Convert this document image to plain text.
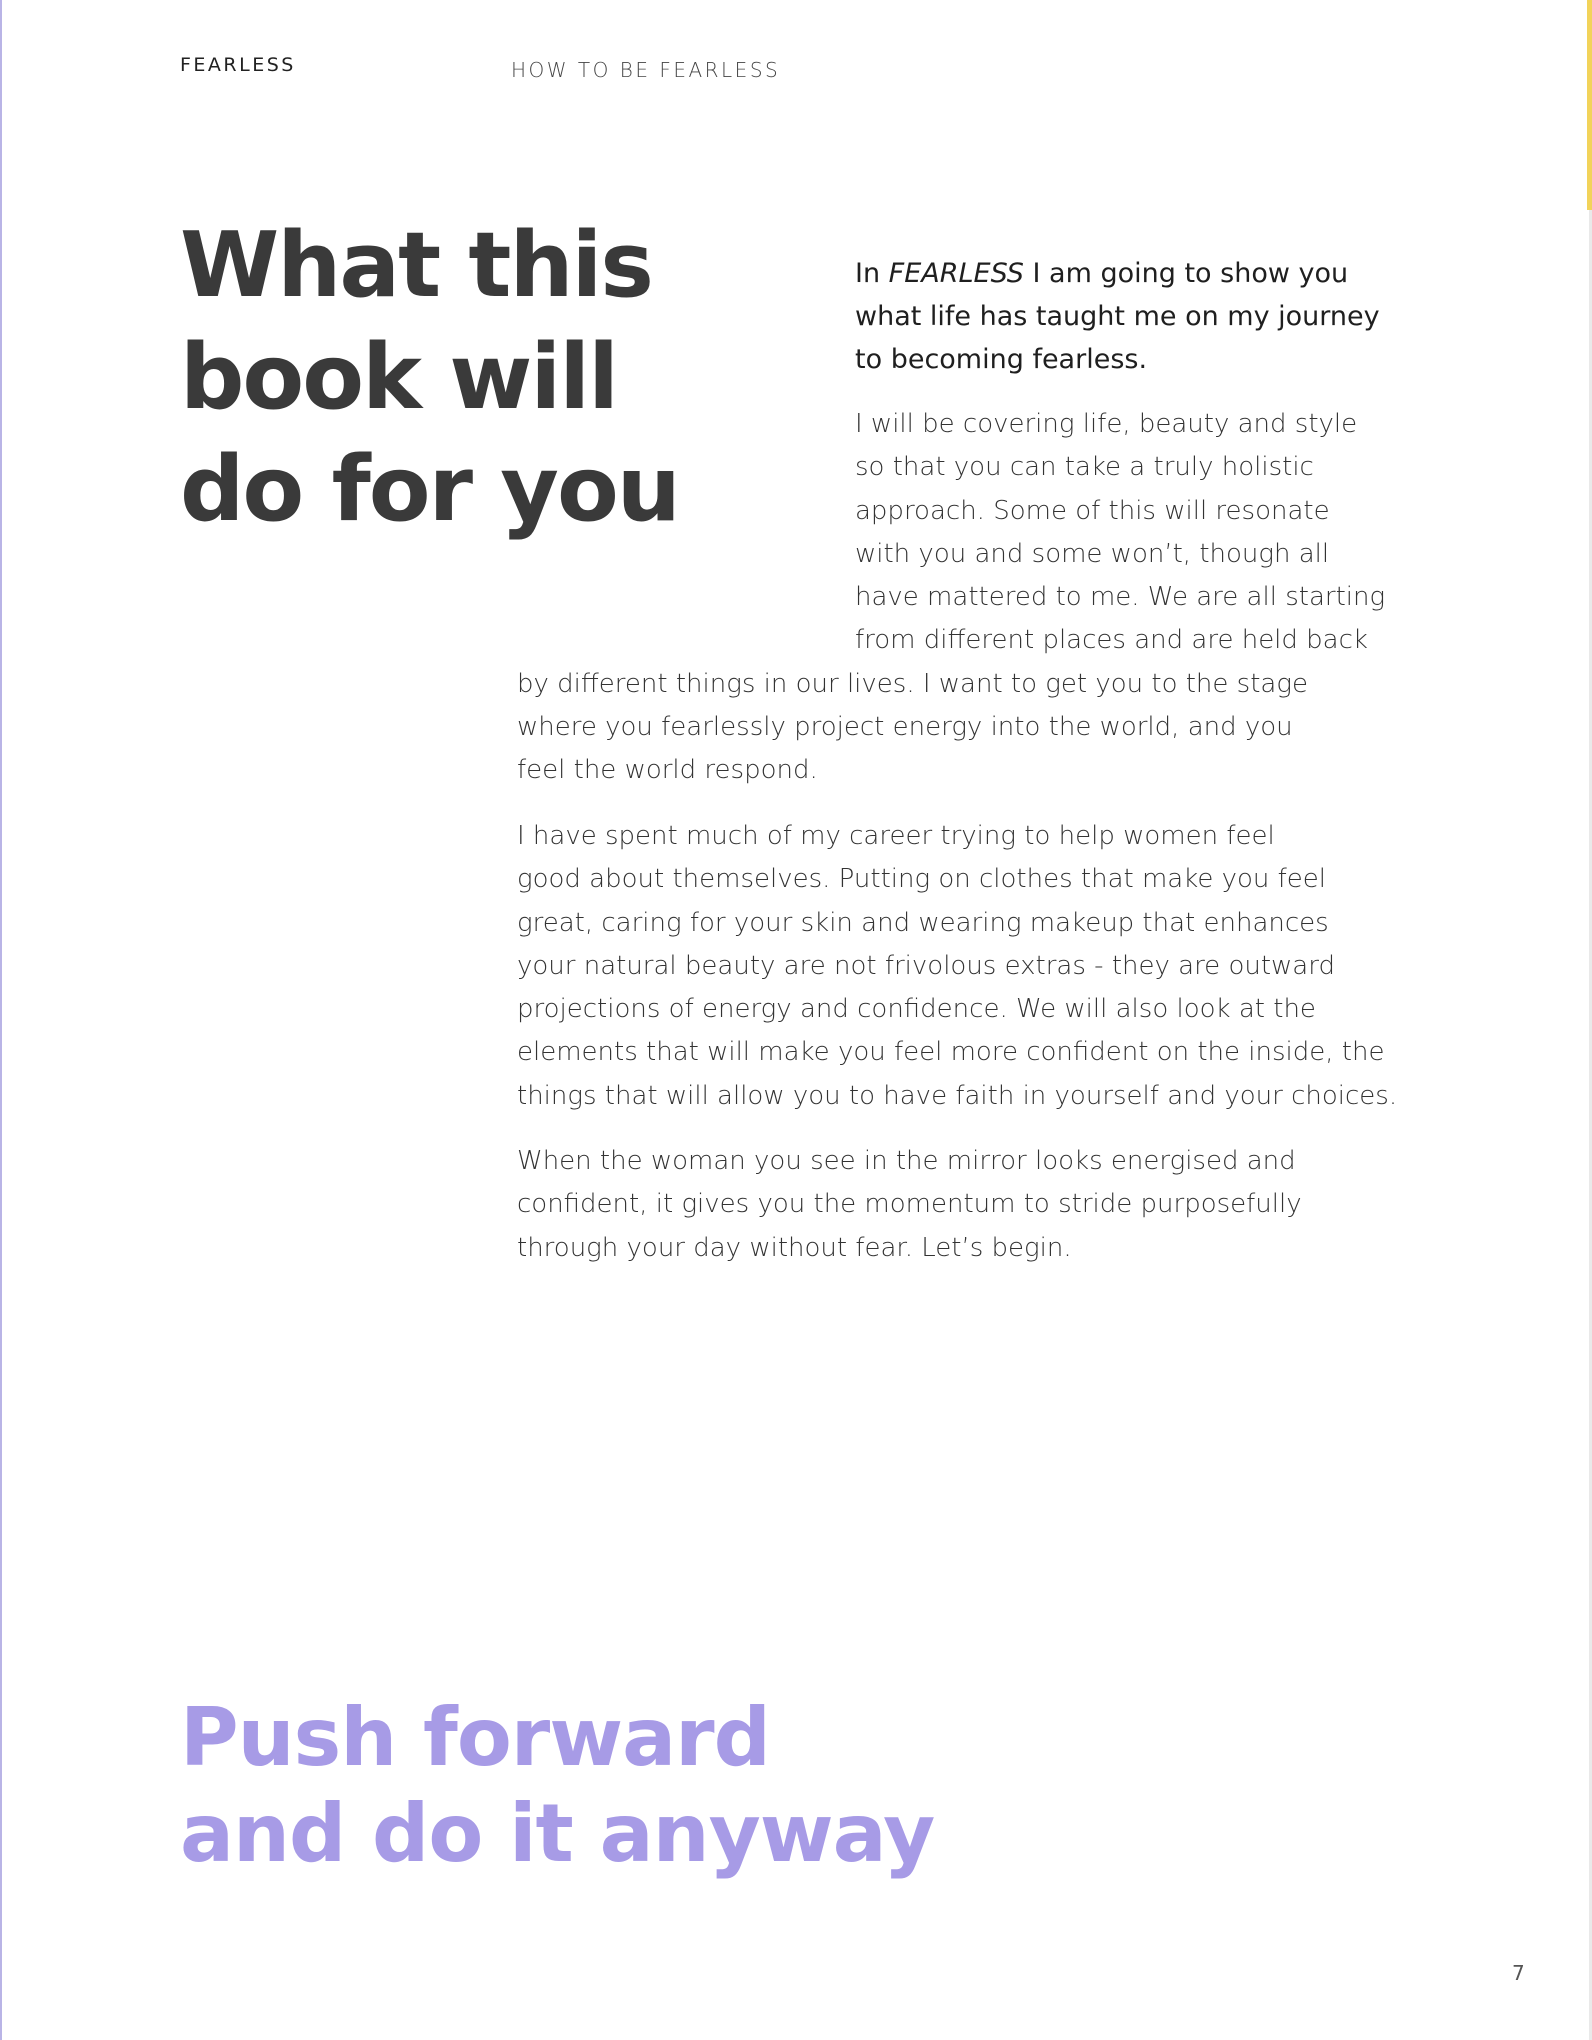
FEARLESS	HOW TO BE FEARLESS
What this
book will
do for you

In FEARLESS I am going to show you
what life has taught me on my journey
to becoming fearless.

I will be covering life, beauty and style
so that you can take a truly holistic
approach. Some of this will resonate
with you and some won’t, though all
have mattered to me. We are all starting
from different places and are held back
by different things in our lives. I want to get you to the stage
where you fearlessly project energy into the world, and you
feel the world respond.

I have spent much of my career trying to help women feel
good about themselves. Putting on clothes that make you feel
great, caring for your skin and wearing makeup that enhances
your natural beauty are not frivolous extras - they are outward
projections of energy and confidence. We will also look at the
elements that will make you feel more confident on the inside, the
things that will allow you to have faith in yourself and your choices.

When the woman you see in the mirror looks energised and
confident, it gives you the momentum to stride purposefully
through your day without fear. Let’s begin.

Push forward
and do it anyway
7
